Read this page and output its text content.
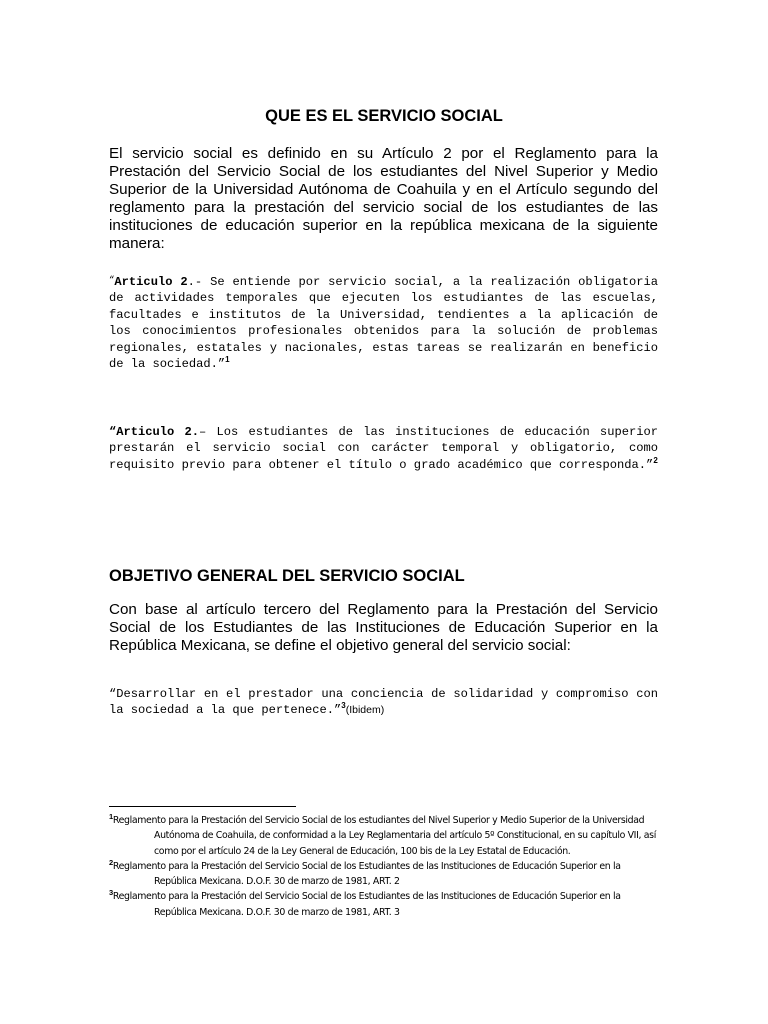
QUE ES EL SERVICIO SOCIAL

El servicio social es definido en su Artículo 2 por el Reglamento para la Prestación del Servicio Social de los estudiantes del Nivel Superior y Medio Superior de la Universidad Autónoma de Coahuila y en el Artículo segundo del reglamento para la prestación del servicio social de los estudiantes de las instituciones de educación superior en la república mexicana de la siguiente manera:

“Articulo 2.- Se entiende por servicio social, a la realización obligatoria de actividades temporales que ejecuten los estudiantes de las escuelas, facultades e institutos de la Universidad, tendientes a la aplicación de los conocimientos profesionales obtenidos para la solución de problemas regionales, estatales y nacionales, estas tareas se realizarán en beneficio de la sociedad.”$^1$

“Articulo 2.– Los estudiantes de las instituciones de educación superior prestarán el servicio social con carácter temporal y obligatorio, como requisito previo para obtener el título o grado académico que corresponda.”$^2$

OBJETIVO GENERAL DEL SERVICIO SOCIAL

Con base al artículo tercero del Reglamento para la Prestación del Servicio Social de los Estudiantes de las Instituciones de Educación Superior en la República Mexicana, se define el objetivo general del servicio social:

“Desarrollar en el prestador una conciencia de solidaridad y compromiso con la sociedad a la que pertenece.”$^3$(Ibidem)

$^1$Reglamento para la Prestación del Servicio Social de los estudiantes del Nivel Superior y Medio Superior de la Universidad Autónoma de Coahuila, de conformidad a la Ley Reglamentaria del artículo 5º Constitucional, en su capítulo VII, así como por el artículo 24 de la Ley General de Educación, 100 bis de la Ley Estatal de Educación.

$^2$Reglamento para la Prestación del Servicio Social de los Estudiantes de las Instituciones de Educación Superior en la República Mexicana. D.O.F. 30 de marzo de 1981, ART. 2

$^3$Reglamento para la Prestación del Servicio Social de los Estudiantes de las Instituciones de Educación Superior en la República Mexicana. D.O.F. 30 de marzo de 1981, ART. 3
